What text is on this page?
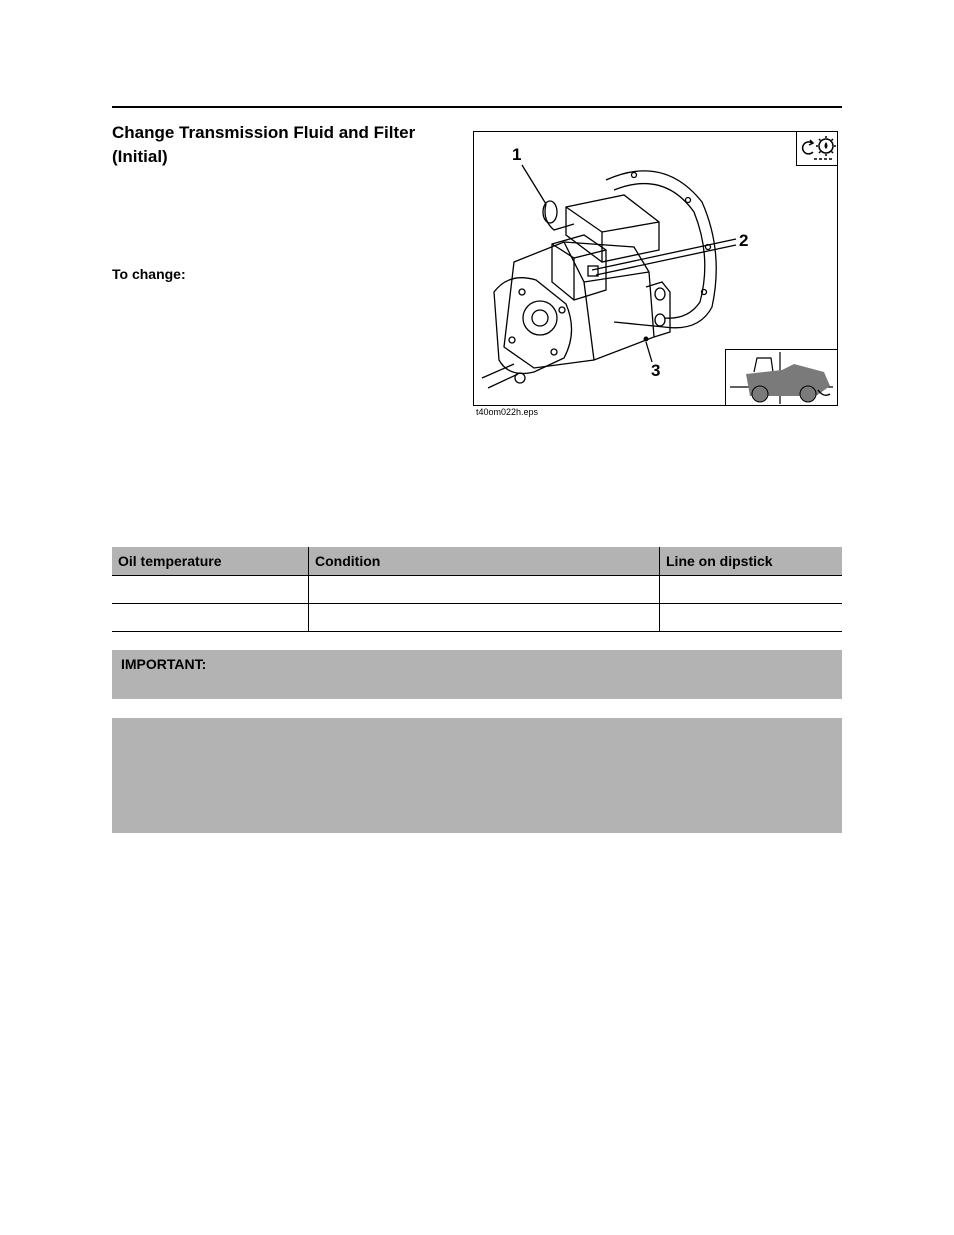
Change Transmission Fluid and Filter (Initial)
To change:
1
2
3
t40om022h.eps
Oil temperature	Condition	Line on dipstick

IMPORTANT:
